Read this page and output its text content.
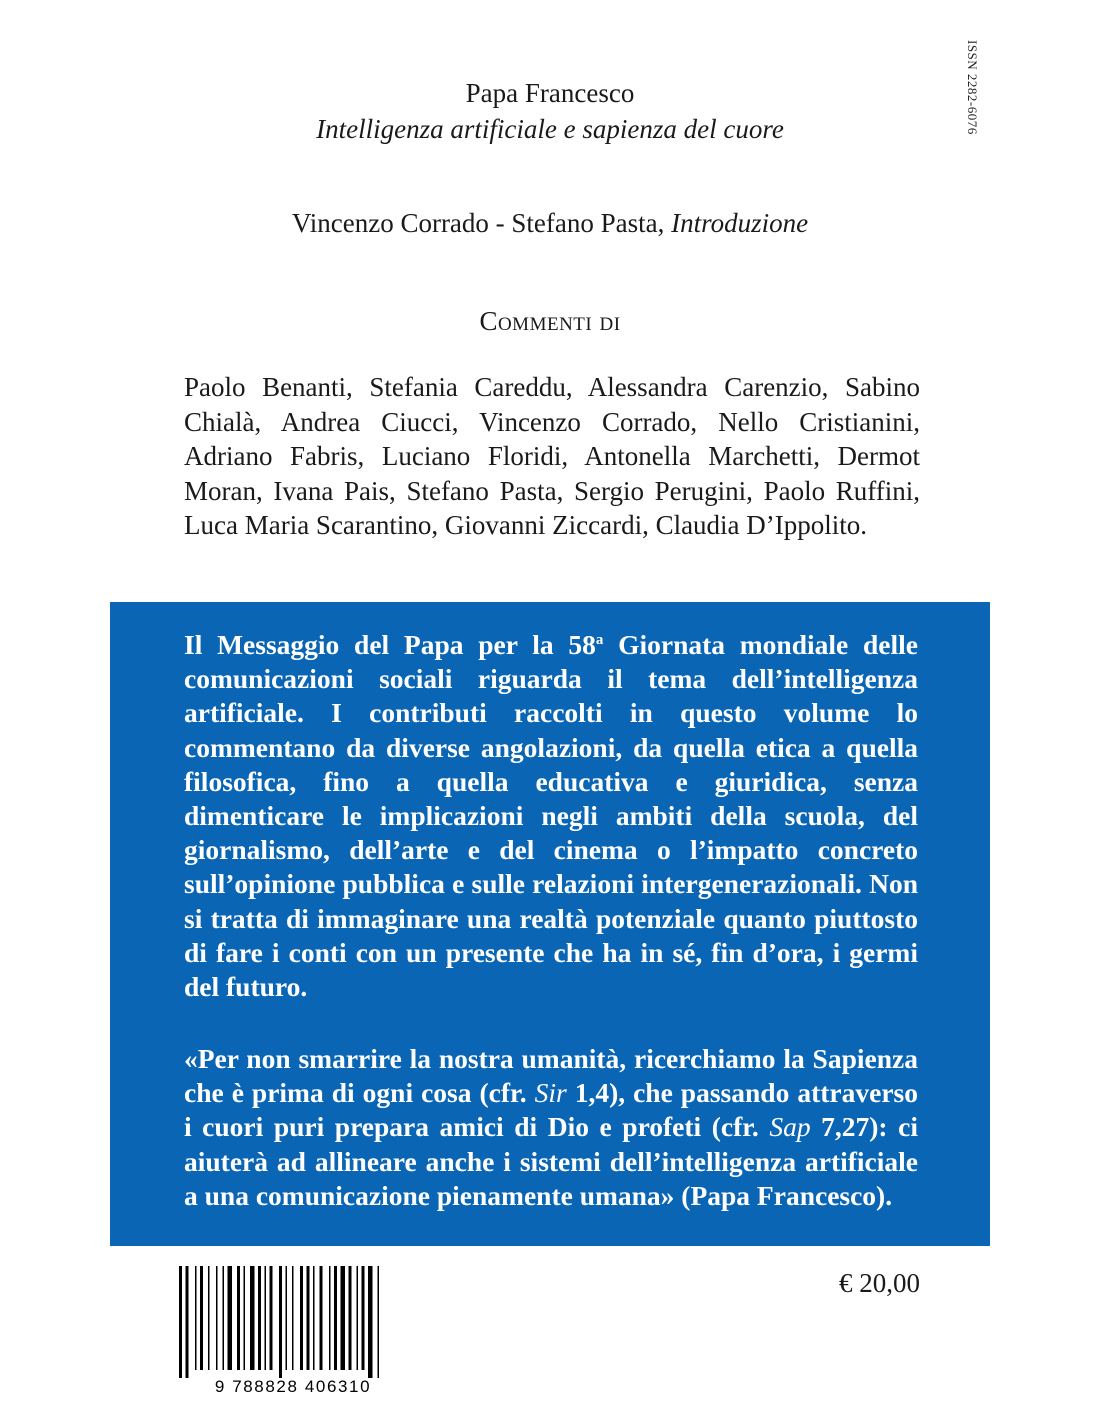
ISSN 2282-6076
Papa Francesco
Intelligenza artificiale e sapienza del cuore
Vincenzo Corrado - Stefano Pasta, Introduzione
Commenti di

Paolo Benanti, Stefania Careddu, Alessandra Carenzio, Sabino Chialà, Andrea Ciucci, Vincenzo Corrado, Nello Cristianini, Adriano Fabris, Luciano Floridi, Antonella Marchetti, Dermot Moran, Ivana Pais, Stefano Pasta, Sergio Perugini, Paolo Ruffini, Luca Maria Scarantino, Giovanni Ziccardi, Claudia D’Ippolito.

Il Messaggio del Papa per la 58$^a$ Giornata mondiale delle comunicazioni sociali riguarda il tema dell’intelligenza artificiale. I contributi raccolti in questo volume lo commentano da diverse angolazioni, da quella etica a quella filosofica, fino a quella educativa e giuridica, senza dimenticare le implicazioni negli ambiti della scuola, del giornalismo, dell’arte e del cinema o l’impatto concreto sull’opinione pubblica e sulle relazioni intergenerazionali. Non si tratta di immaginare una realtà potenziale quanto piuttosto di fare i conti con un presente che ha in sé, fin d’ora, i germi del futuro.

«Per non smarrire la nostra umanità, ricerchiamo la Sapienza che è prima di ogni cosa (cfr. Sir 1,4), che passando attraverso i cuori puri prepara amici di Dio e profeti (cfr. Sap 7,27): ci aiuterà ad allineare anche i sistemi dell’intelligenza artificiale a una comunicazione pienamente umana» (Papa Francesco).

9 788828 406310
€ 20,00
